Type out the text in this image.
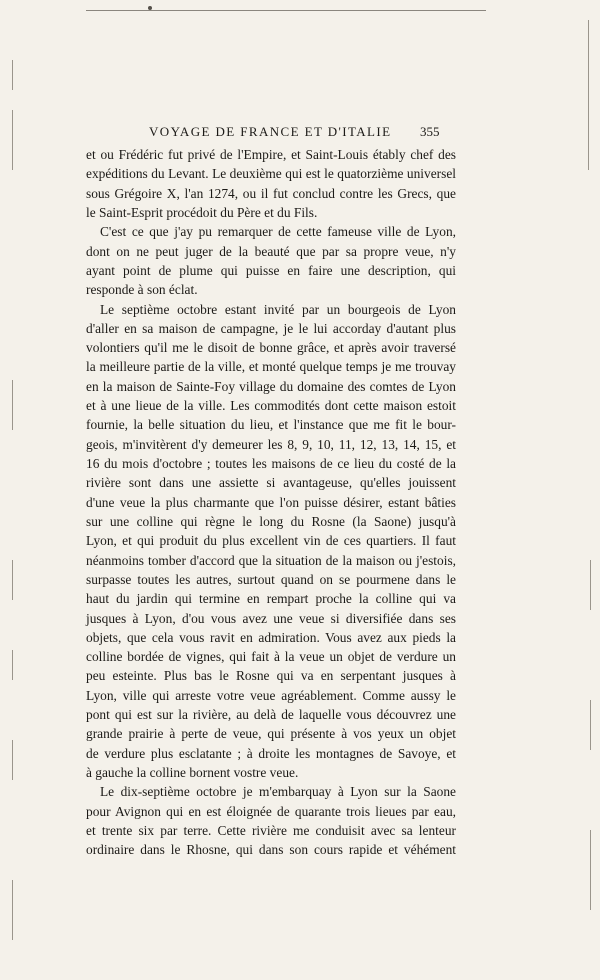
VOYAGE DE FRANCE ET D'ITALIE 355

et ou Frédéric fut privé de l'Empire, et Saint-Louis étably chef des
expéditions du Levant. Le deuxième qui est le quatorzième universel
sous Grégoire X, l'an 1274, ou il fut conclud contre les Grecs, que
le Saint-Esprit procédoit du Père et du Fils.

C'est ce que j'ay pu remarquer de cette fameuse ville de Lyon,
dont on ne peut juger de la beauté que par sa propre veue, n'y
ayant point de plume qui puisse en faire une description, qui
responde à son éclat.

Le septième octobre estant invité par un bourgeois de Lyon
d'aller en sa maison de campagne, je le lui accorday d'autant plus
volontiers qu'il me le disoit de bonne grâce, et après avoir traversé
la meilleure partie de la ville, et monté quelque temps je me trouvay
en la maison de Sainte-Foy village du domaine des comtes de Lyon
et à une lieue de la ville. Les commodités dont cette maison estoit
fournie, la belle situation du lieu, et l'instance que me fit le bour-
geois, m'invitèrent d'y demeurer les 8, 9, 10, 11, 12, 13, 14, 15, et
16 du mois d'octobre ; toutes les maisons de ce lieu du costé de la
rivière sont dans une assiette si avantageuse, qu'elles jouissent
d'une veue la plus charmante que l'on puisse désirer, estant bâties
sur une colline qui règne le long du Rosne (la Saone) jusqu'à
Lyon, et qui produit du plus excellent vin de ces quartiers. Il faut
néanmoins tomber d'accord que la situation de la maison ou j'estois,
surpasse toutes les autres, surtout quand on se pourmene dans le
haut du jardin qui termine en rempart proche la colline qui va
jusques à Lyon, d'ou vous avez une veue si diversifiée dans ses
objets, que cela vous ravit en admiration. Vous avez aux pieds la
colline bordée de vignes, qui fait à la veue un objet de verdure un
peu esteinte. Plus bas le Rosne qui va en serpentant jusques à
Lyon, ville qui arreste votre veue agréablement. Comme aussy le
pont qui est sur la rivière, au delà de laquelle vous découvrez une
grande prairie à perte de veue, qui présente à vos yeux un objet
de verdure plus esclatante ; à droite les montagnes de Savoye, et
à gauche la colline bornent vostre veue.

Le dix-septième octobre je m'embarquay à Lyon sur la Saone
pour Avignon qui en est éloignée de quarante trois lieues par eau,
et trente six par terre. Cette rivière me conduisit avec sa lenteur
ordinaire dans le Rhosne, qui dans son cours rapide et véhément
